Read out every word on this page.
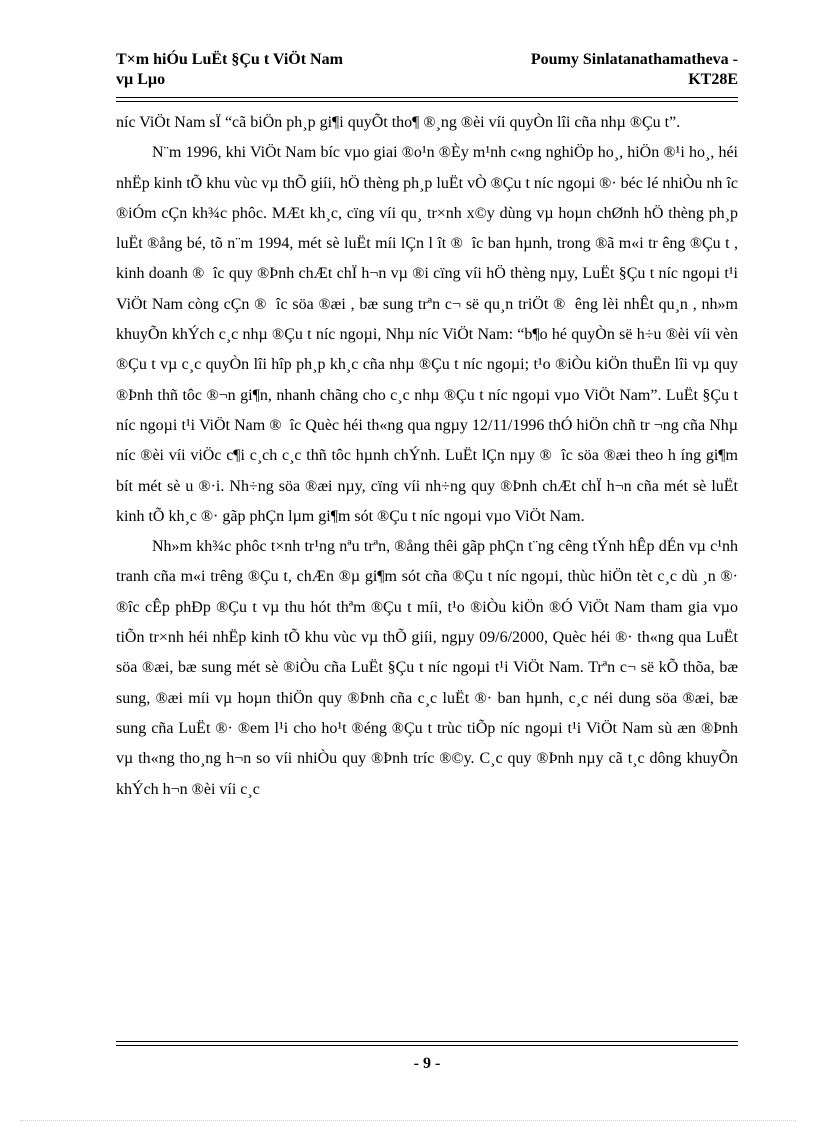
T×m hiÓu LuËt §Çu t ViÖt Nam
vµ Lµo
Poumy Sinlatanathamatheva -
KT28E

níc ViÖt Nam sÏ “cã biÖn ph¸p gi¶i quyÕt tho¶ ®¸ng ®èi víi quyÒn lîi cña nhµ ®Çu t”.

N¨m 1996, khi ViÖt Nam bíc vµo giai ®o¹n ®Èy m¹nh c«ng nghiÖp ho¸, hiÖn ®¹i ho¸, héi nhËp kinh tÕ khu vùc vµ thÕ giíi, hÖ thèng ph¸p luËt vÒ ®Çu t níc ngoµi ®· béc lé nhiÒu nh îc ®iÓm cÇn kh¾c phôc. MÆt kh¸c, cïng víi qu¸ tr×nh x©y dùng vµ hoµn chØnh hÖ thèng ph¸p luËt ®ång bé, tõ n¨m 1994, mét sè luËt míi lÇn l ît ® îc ban hµnh, trong ®ã m«i tr êng ®Çu t , kinh doanh ® îc quy ®Þnh chÆt chÏ h¬n vµ ®i cïng víi hÖ thèng nµy, LuËt §Çu t níc ngoµi t¹i ViÖt Nam còng cÇn ® îc söa ®æi , bæ sung trªn c¬ së qu¸n triÖt ® êng lèi nhÊt qu¸n , nh»m khuyÕn khÝch c¸c nhµ ®Çu t níc ngoµi, Nhµ níc ViÖt Nam: “b¶o hé quyÒn së h÷u ®èi víi vèn ®Çu t vµ c¸c quyÒn lîi hîp ph¸p kh¸c cña nhµ ®Çu t níc ngoµi; t¹o ®iÒu kiÖn thuËn lîi vµ quy ®Þnh thñ tôc ®¬n gi¶n, nhanh chãng cho c¸c nhµ ®Çu t níc ngoµi vµo ViÖt Nam”. LuËt §Çu t níc ngoµi t¹i ViÖt Nam ® îc Quèc héi th«ng qua ngµy 12/11/1996 thÓ hiÖn chñ tr ¬ng cña Nhµ níc ®èi víi viÖc c¶i c¸ch c¸c thñ tôc hµnh chÝnh. LuËt lÇn nµy ® îc söa ®æi theo h íng gi¶m bít mét sè u ®·i. Nh÷ng söa ®æi nµy, cïng víi nh÷ng quy ®Þnh chÆt chÏ h¬n cña mét sè luËt kinh tÕ kh¸c ®· gãp phÇn lµm gi¶m sót ®Çu t níc ngoµi vµo ViÖt Nam.

Nh»m kh¾c phôc t×nh tr¹ng nªu trªn, ®ång thêi gãp phÇn t¨ng cêng tÝnh hÊp dÉn vµ c¹nh tranh cña m«i trêng ®Çu t, chÆn ®µ gi¶m sót cña ®Çu t níc ngoµi, thùc hiÖn tèt c¸c dù ¸n ®· ®îc cÊp phÐp ®Çu t vµ thu hót thªm ®Çu t míi, t¹o ®iÒu kiÖn ®Ó ViÖt Nam tham gia vµo tiÕn tr×nh héi nhËp kinh tÕ khu vùc vµ thÕ giíi, ngµy 09/6/2000, Quèc héi ®· th«ng qua LuËt söa ®æi, bæ sung mét sè ®iÒu cña LuËt §Çu t níc ngoµi t¹i ViÖt Nam. Trªn c¬ së kÕ thõa, bæ sung, ®æi míi vµ hoµn thiÖn quy ®Þnh cña c¸c luËt ®· ban hµnh, c¸c néi dung söa ®æi, bæ sung cña LuËt ®· ®em l¹i cho ho¹t ®éng ®Çu t trùc tiÕp níc ngoµi t¹i ViÖt Nam sù æn ®Þnh vµ th«ng tho¸ng h¬n so víi nhiÒu quy ®Þnh tríc ®©y. C¸c quy ®Þnh nµy cã t¸c dông khuyÕn khÝch h¬n ®èi víi c¸c

- 9 -
